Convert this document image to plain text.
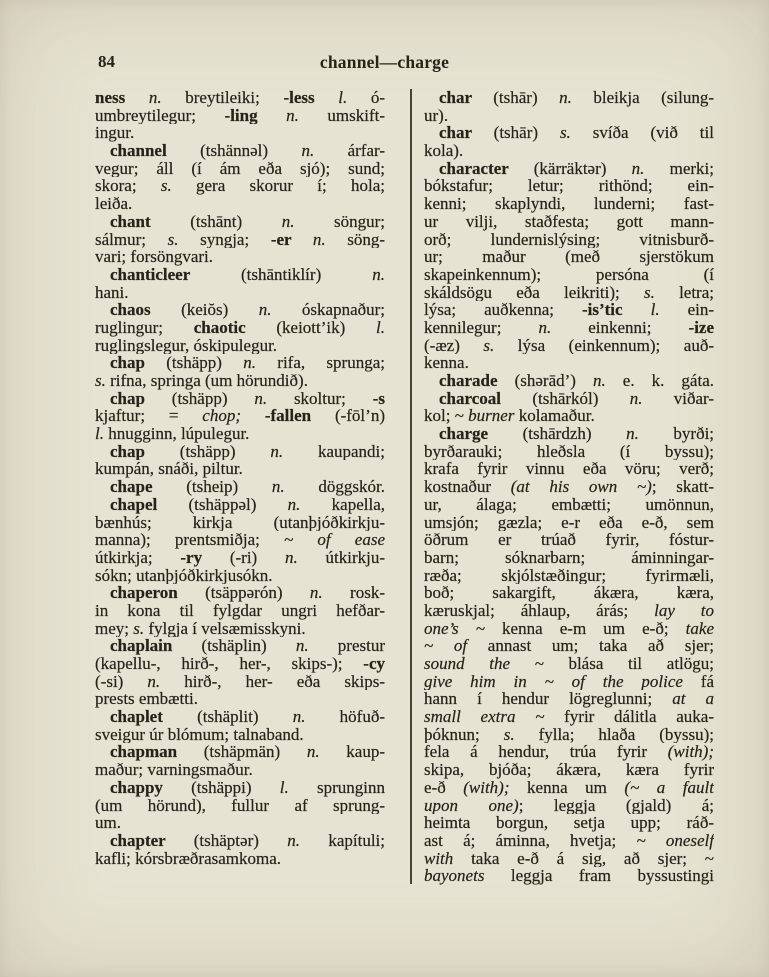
84	channel—charge
ness n. breytileiki; -less l. ó-
umbreytilegur; -ling n. umskift-
ingur.
channel (tshännəl) n. árfar-
vegur; áll (í ám eða sjó); sund;
skora; s. gera skorur í; hola;
leiða.
chant (tshānt) n. söngur;
sálmur; s. syngja; -er n. söng-
vari; forsöngvari.
chanticleer (tshāntiklír) n.
hani.
chaos (keiŏs) n. óskapnaður;
ruglingur; chaotic (keiott’ik) l.
ruglingslegur, óskipulegur.
chap (tshäpp) n. rifa, sprunga;
s. rifna, springa (um hörundið).
chap (tshäpp) n. skoltur; -s
kjaftur; = chop; -fallen (-fōl’n)
l. hnugginn, lúpulegur.
chap (tshäpp) n. kaupandi;
kumpán, snáði, piltur.
chape (tsheip) n. döggskór.
chapel (tshäppəl) n. kapella,
bænhús; kirkja (utanþjóðkirkju-
manna); prentsmiðja; ~ of ease
útkirkja; -ry (-ri) n. útkirkju-
sókn; utanþjóðkirkjusókn.
chaperon (tsäppərón) n. rosk-
in kona til fylgdar ungri hefðar-
mey; s. fylgja í velsæmisskyni.
chaplain (tshäplin) n. prestur
(kapellu-, hirð-, her-, skips-); -cy
(-si) n. hirð-, her- eða skips-
prests embætti.
chaplet (tshäplit) n. höfuð-
sveigur úr blómum; talnaband.
chapman (tshäpmän) n. kaup-
maður; varningsmaður.
chappy (tshäppi) l. sprunginn
(um hörund), fullur af sprung-
um.
chapter (tshäptər) n. kapítuli;
kafli; kórsbræðrasamkoma.
char (tshār) n. bleikja (silung-
ur).
char (tshār) s. svíða (við til
kola).
character (kärräktər) n. merki;
bókstafur; letur; rithönd; ein-
kenni; skaplyndi, lunderni; fast-
ur vilji, staðfesta; gott mann-
orð; lundernislýsing; vitnisburð-
ur; maður (með sjerstökum
skapeinkennum); persóna (í
skáldsögu eða leikriti); s. letra;
lýsa; auðkenna; -is’tic l. ein-
kennilegur; n. einkenni; -ize
(-æz) s. lýsa (einkennum); auð-
kenna.
charade (shərād’) n. e. k. gáta.
charcoal (tshārkól) n. viðar-
kol; ~ burner kolamaður.
charge (tshārdzh) n. byrði;
byrðarauki; hleðsla (í byssu);
krafa fyrir vinnu eða vöru; verð;
kostnaður (at his own ~); skatt-
ur, álaga; embætti; umönnun,
umsjón; gæzla; e-r eða e-ð, sem
öðrum er trúað fyrir, fóstur-
barn; sóknarbarn; áminningar-
ræða; skjólstæðingur; fyrirmæli,
boð; sakargift, ákæra, kæra,
kæruskjal; áhlaup, árás; lay to
one’s ~ kenna e-m um e-ð; take
~ of annast um; taka að sjer;
sound the ~ blása til atlögu;
give him in ~ of the police fá
hann í hendur lögreglunni; at a
small extra ~ fyrir dálitla auka-
þóknun; s. fylla; hlaða (byssu);
fela á hendur, trúa fyrir (with);
skipa, bjóða; ákæra, kæra fyrir
e-ð (with); kenna um (~ a fault
upon one); leggja (gjald) á;
heimta borgun, setja upp; ráð-
ast á; áminna, hvetja; ~ oneself
with taka e-ð á sig, að sjer; ~
bayonets leggja fram byssustingi
